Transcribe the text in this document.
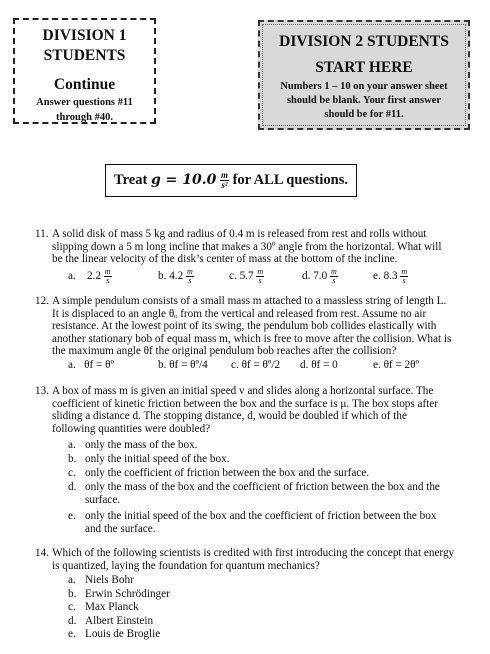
DIVISION 1
STUDENTS
Continue
Answer questions #11
through #40.
DIVISION 2 STUDENTS
START HERE
Numbers 1 – 10 on your answer sheet
should be blank. Your first answer
should be for #11.
Treat $g = 10.0 \frac{m}{\text{s²}}$ for ALL questions.
11. A solid disk of mass 5 kg and radius of 0.4 m is released from rest and rolls without
slipping down a 5 m long incline that makes a 30º angle from the horizontal. What will
be the linear velocity of the disk’s center of mass at the bottom of the incline.
a. $2.2 \frac{m}{s}$	b. $4.2 \frac{m}{s}$	c. $5.7 \frac{m}{s}$	d. $7.0 \frac{m}{s}$	e. $8.3 \frac{m}{s}$
12. A simple pendulum consists of a small mass m attached to a massless string of length L.
It is displaced to an angle θₒ from the vertical and released from rest. Assume no air
resistance. At the lowest point of its swing, the pendulum bob collides elastically with
another stationary bob of equal mass m, which is free to move after the collision. What is
the maximum angle θf the original pendulum bob reaches after the collision?
a. θf = θº	b. θf = θº/4 c. θf = θº/2 d. θf = 0	e. θf = 2θº
13. A box of mass m is given an initial speed v and slides along a horizontal surface. The
coefficient of kinetic friction between the box and the surface is μ. The box stops after
sliding a distance d. The stopping distance, d, would be doubled if which of the
following quantities were doubled?
a. only the mass of the box.
b. only the initial speed of the box.
c. only the coefficient of friction between the box and the surface.
d. only the mass of the box and the coefficient of friction between the box and the
surface.
e. only the initial speed of the box and the coefficient of friction between the box
and the surface.
14. Which of the following scientists is credited with first introducing the concept that energy
is quantized, laying the foundation for quantum mechanics?
a. Niels Bohr
b. Erwin Schrödinger
c. Max Planck
d. Albert Einstein
e. Louis de Broglie
